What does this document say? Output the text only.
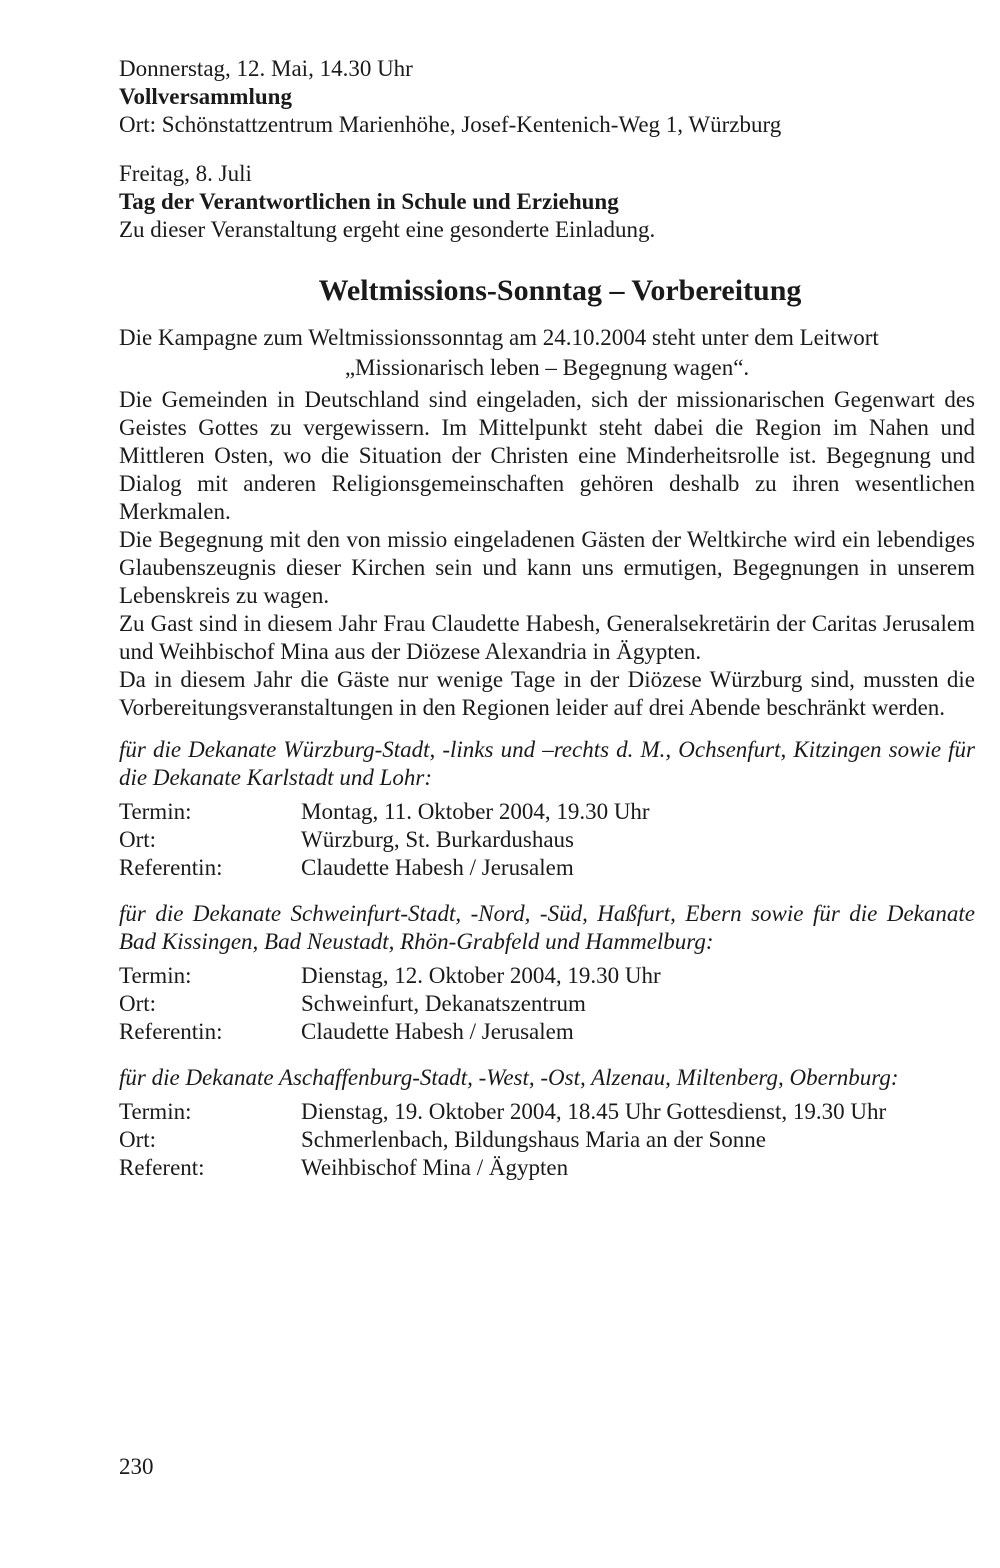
Donnerstag, 12. Mai, 14.30 Uhr

Vollversammlung

Ort: Schönstattzentrum Marienhöhe, Josef-Kentenich-Weg 1, Würzburg

Freitag, 8. Juli

Tag der Verantwortlichen in Schule und Erziehung

Zu dieser Veranstaltung ergeht eine gesonderte Einladung.

Weltmissions-Sonntag – Vorbereitung

Die Kampagne zum Weltmissionssonntag am 24.10.2004 steht unter dem Leitwort

„Missionarisch leben – Begegnung wagen“.

Die Gemeinden in Deutschland sind eingeladen, sich der missionarischen Gegenwart des Geistes Gottes zu vergewissern. Im Mittelpunkt steht dabei die Region im Nahen und Mittleren Osten, wo die Situation der Christen eine Minderheitsrolle ist. Begegnung und Dialog mit anderen Religionsgemeinschaften gehören deshalb zu ihren wesentlichen Merkmalen.

Die Begegnung mit den von missio eingeladenen Gästen der Weltkirche wird ein lebendiges Glaubenszeugnis dieser Kirchen sein und kann uns ermutigen, Begegnungen in unserem Lebenskreis zu wagen.

Zu Gast sind in diesem Jahr Frau Claudette Habesh, Generalsekretärin der Caritas Jerusalem und Weihbischof Mina aus der Diözese Alexandria in Ägypten.

Da in diesem Jahr die Gäste nur wenige Tage in der Diözese Würzburg sind, mussten die Vorbereitungsveranstaltungen in den Regionen leider auf drei Abende beschränkt werden.

für die Dekanate Würzburg-Stadt, -links und –rechts d. M., Ochsenfurt, Kitzingen sowie für die Dekanate Karlstadt und Lohr:

Termin:	Montag, 11. Oktober 2004, 19.30 Uhr
Ort:	Würzburg, St. Burkardushaus
Referentin:	Claudette Habesh / Jerusalem

für die Dekanate Schweinfurt-Stadt, -Nord, -Süd, Haßfurt, Ebern sowie für die Dekanate Bad Kissingen, Bad Neustadt, Rhön-Grabfeld und Hammelburg:

Termin:	Dienstag, 12. Oktober 2004, 19.30 Uhr
Ort:	Schweinfurt, Dekanatszentrum
Referentin:	Claudette Habesh / Jerusalem

für die Dekanate Aschaffenburg-Stadt, -West, -Ost, Alzenau, Miltenberg, Obernburg:

Termin:	Dienstag, 19. Oktober 2004, 18.45 Uhr Gottesdienst, 19.30 Uhr
Ort:	Schmerlenbach, Bildungshaus Maria an der Sonne
Referent:	Weihbischof Mina / Ägypten

230
